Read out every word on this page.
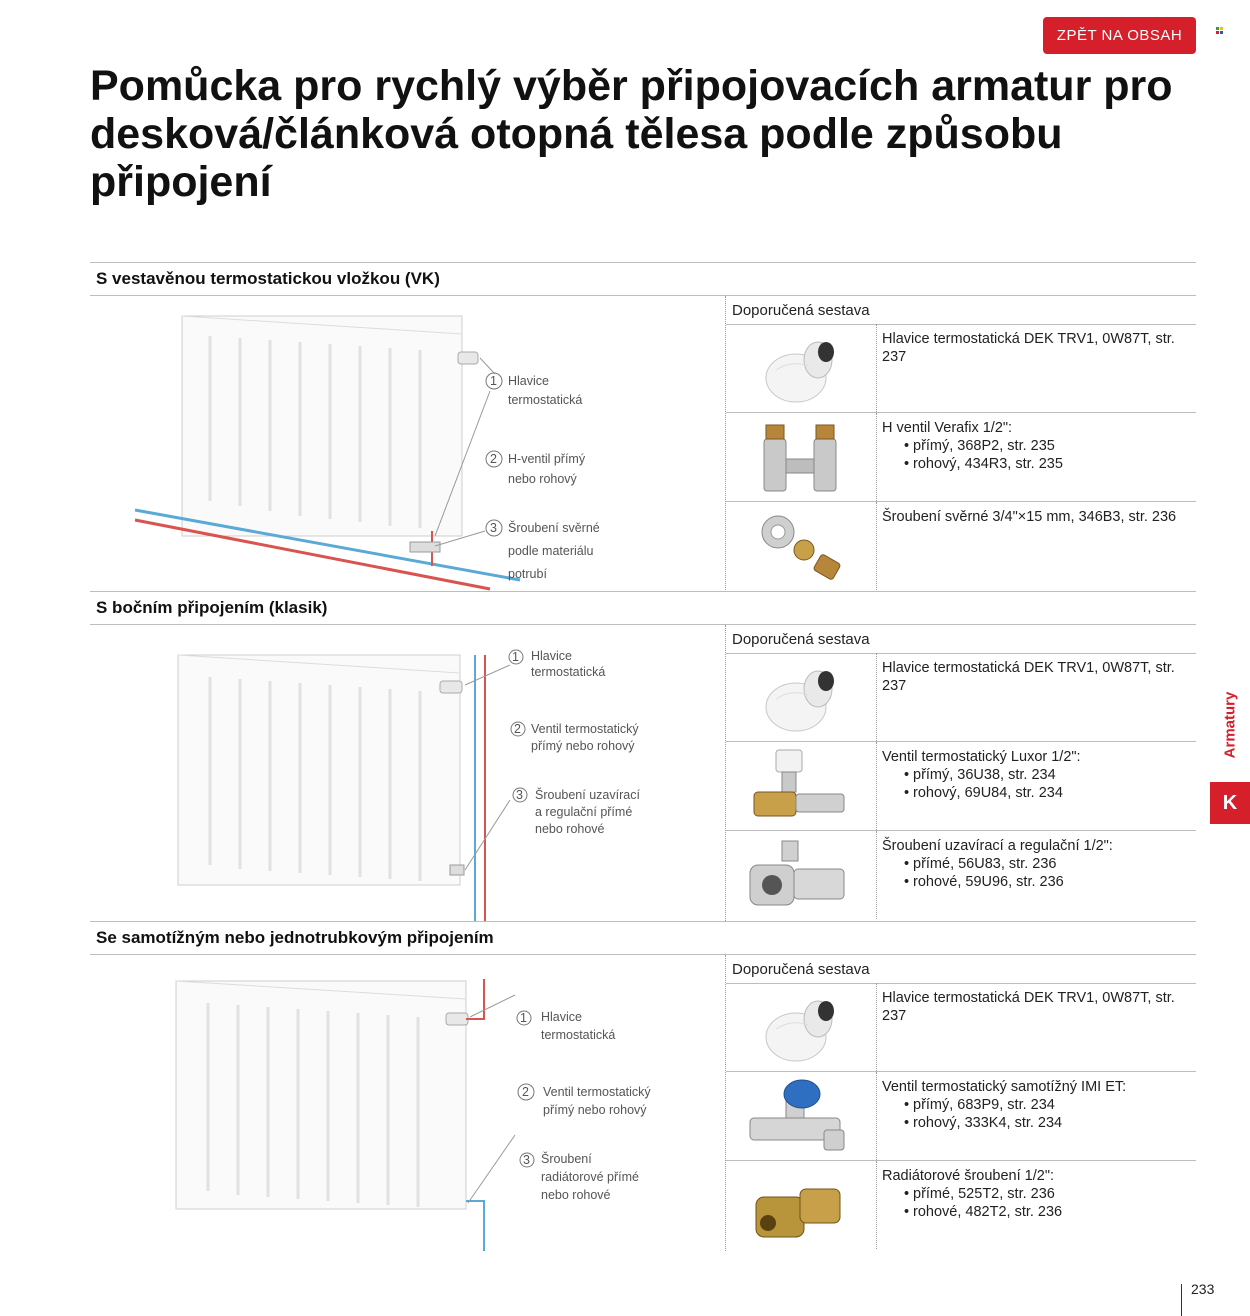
ZPĚT NA OBSAH
Pomůcka pro rychlý výběr připojovacích armatur pro desková/článková otopná tělesa podle způsobu připojení
S vestavěnou termostatickou vložkou (VK)
1 Hlavice
termostatická
2 H-ventil přímý
nebo rohový
3 Šroubení svěrné
podle materiálu
potrubí
Doporučená sestava

Hlavice termostatická DEK TRV1, 0W87T, str. 237

H ventil Verafix 1/2":

• přímý, 368P2, str. 235
• rohový, 434R3, str. 235

Šroubení svěrné 3/4"×15 mm, 346B3, str. 236

S bočním připojením (klasik)
1 Hlavice
termostatická
2 Ventil termostatický
přímý nebo rohový
3 Šroubení uzavírací
a regulační přímé
nebo rohové
Doporučená sestava

Hlavice termostatická DEK TRV1, 0W87T, str. 237

Ventil termostatický Luxor 1/2":

• přímý, 36U38, str. 234
• rohový, 69U84, str. 234

Šroubení uzavírací a regulační 1/2":

• přímé, 56U83, str. 236
• rohové, 59U96, str. 236
Se samotížným nebo jednotrubkovým připojením
1 Hlavice
termostatická
2 Ventil termostatický
přímý nebo rohový
3 Šroubení
radiátorové přímé
nebo rohové
Doporučená sestava

Hlavice termostatická DEK TRV1, 0W87T, str. 237

Ventil termostatický samotížný IMI ET:

• přímý, 683P9, str. 234
• rohový, 333K4, str. 234

Radiátorové šroubení 1/2":

• přímé, 525T2, str. 236
• rohové, 482T2, str. 236
Armatury
K
233
